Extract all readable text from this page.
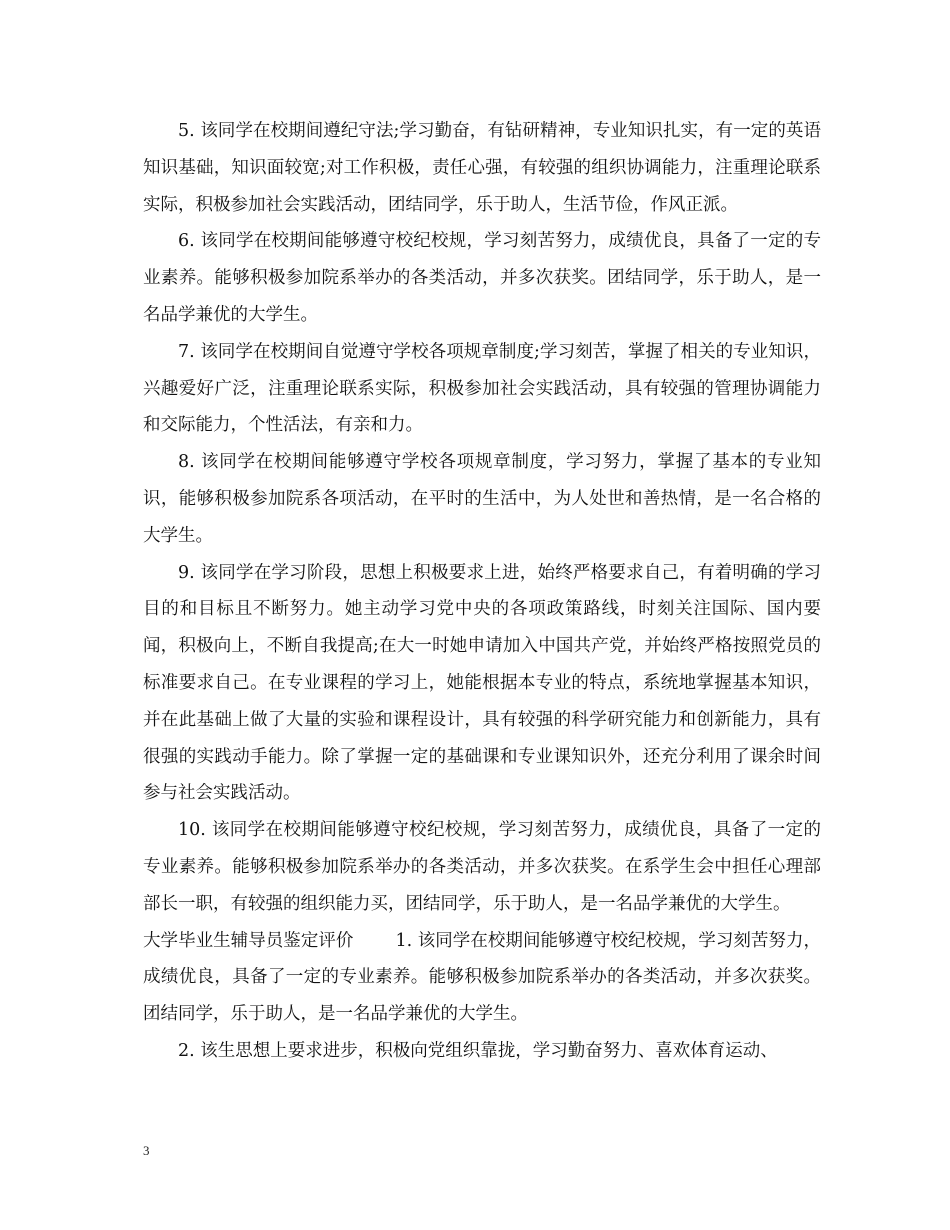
5. 该同学在校期间遵纪守法;学习勤奋，有钻研精神，专业知识扎实，有一定的英语知识基础，知识面较宽;对工作积极，责任心强，有较强的组织协调能力，注重理论联系实际，积极参加社会实践活动，团结同学，乐于助人，生活节俭，作风正派。

6. 该同学在校期间能够遵守校纪校规，学习刻苦努力，成绩优良，具备了一定的专业素养。能够积极参加院系举办的各类活动，并多次获奖。团结同学，乐于助人，是一名品学兼优的大学生。

7. 该同学在校期间自觉遵守学校各项规章制度;学习刻苦，掌握了相关的专业知识，兴趣爱好广泛，注重理论联系实际，积极参加社会实践活动，具有较强的管理协调能力和交际能力，个性活法，有亲和力。

8. 该同学在校期间能够遵守学校各项规章制度，学习努力，掌握了基本的专业知识，能够积极参加院系各项活动，在平时的生活中，为人处世和善热情，是一名合格的大学生。

9. 该同学在学习阶段，思想上积极要求上进，始终严格要求自己，有着明确的学习目的和目标且不断努力。她主动学习党中央的各项政策路线，时刻关注国际、国内要闻，积极向上，不断自我提高;在大一时她申请加入中国共产党，并始终严格按照党员的标准要求自己。在专业课程的学习上，她能根据本专业的特点，系统地掌握基本知识，并在此基础上做了大量的实验和课程设计，具有较强的科学研究能力和创新能力，具有很强的实践动手能力。除了掌握一定的基础课和专业课知识外，还充分利用了课余时间参与社会实践活动。

10. 该同学在校期间能够遵守校纪校规，学习刻苦努力，成绩优良，具备了一定的专业素养。能够积极参加院系举办的各类活动，并多次获奖。在系学生会中担任心理部部长一职，有较强的组织能力买，团结同学，乐于助人，是一名品学兼优的大学生。

大学毕业生辅导员鉴定评价 1. 该同学在校期间能够遵守校纪校规，学习刻苦努力，成绩优良，具备了一定的专业素养。能够积极参加院系举办的各类活动，并多次获奖。团结同学，乐于助人，是一名品学兼优的大学生。

2. 该生思想上要求进步，积极向党组织靠拢，学习勤奋努力、喜欢体育运动、

3
